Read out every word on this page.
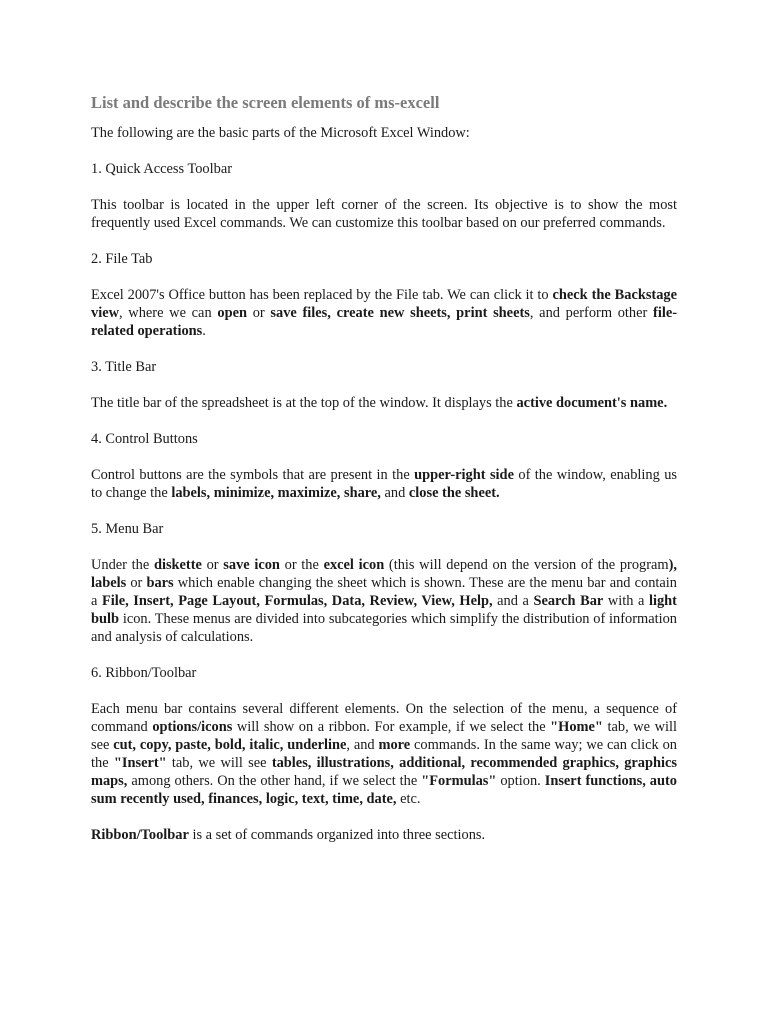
List and describe the screen elements of ms-excell

The following are the basic parts of the Microsoft Excel Window:

1. Quick Access Toolbar

This toolbar is located in the upper left corner of the screen. Its objective is to show the most frequently used Excel commands. We can customize this toolbar based on our preferred commands.

2. File Tab

Excel 2007's Office button has been replaced by the File tab. We can click it to check the Backstage view, where we can open or save files, create new sheets, print sheets, and perform other file-related operations.

3. Title Bar

The title bar of the spreadsheet is at the top of the window. It displays the active document's name.

4. Control Buttons

Control buttons are the symbols that are present in the upper-right side of the window, enabling us to change the labels, minimize, maximize, share, and close the sheet.

5. Menu Bar

Under the diskette or save icon or the excel icon (this will depend on the version of the program), labels or bars which enable changing the sheet which is shown. These are the menu bar and contain a File, Insert, Page Layout, Formulas, Data, Review, View, Help, and a Search Bar with a light bulb icon. These menus are divided into subcategories which simplify the distribution of information and analysis of calculations.

6. Ribbon/Toolbar

Each menu bar contains several different elements. On the selection of the menu, a sequence of command options/icons will show on a ribbon. For example, if we select the "Home" tab, we will see cut, copy, paste, bold, italic, underline, and more commands. In the same way; we can click on the "Insert" tab, we will see tables, illustrations, additional, recommended graphics, graphics maps, among others. On the other hand, if we select the "Formulas" option. Insert functions, auto sum recently used, finances, logic, text, time, date, etc.

Ribbon/Toolbar is a set of commands organized into three sections.
